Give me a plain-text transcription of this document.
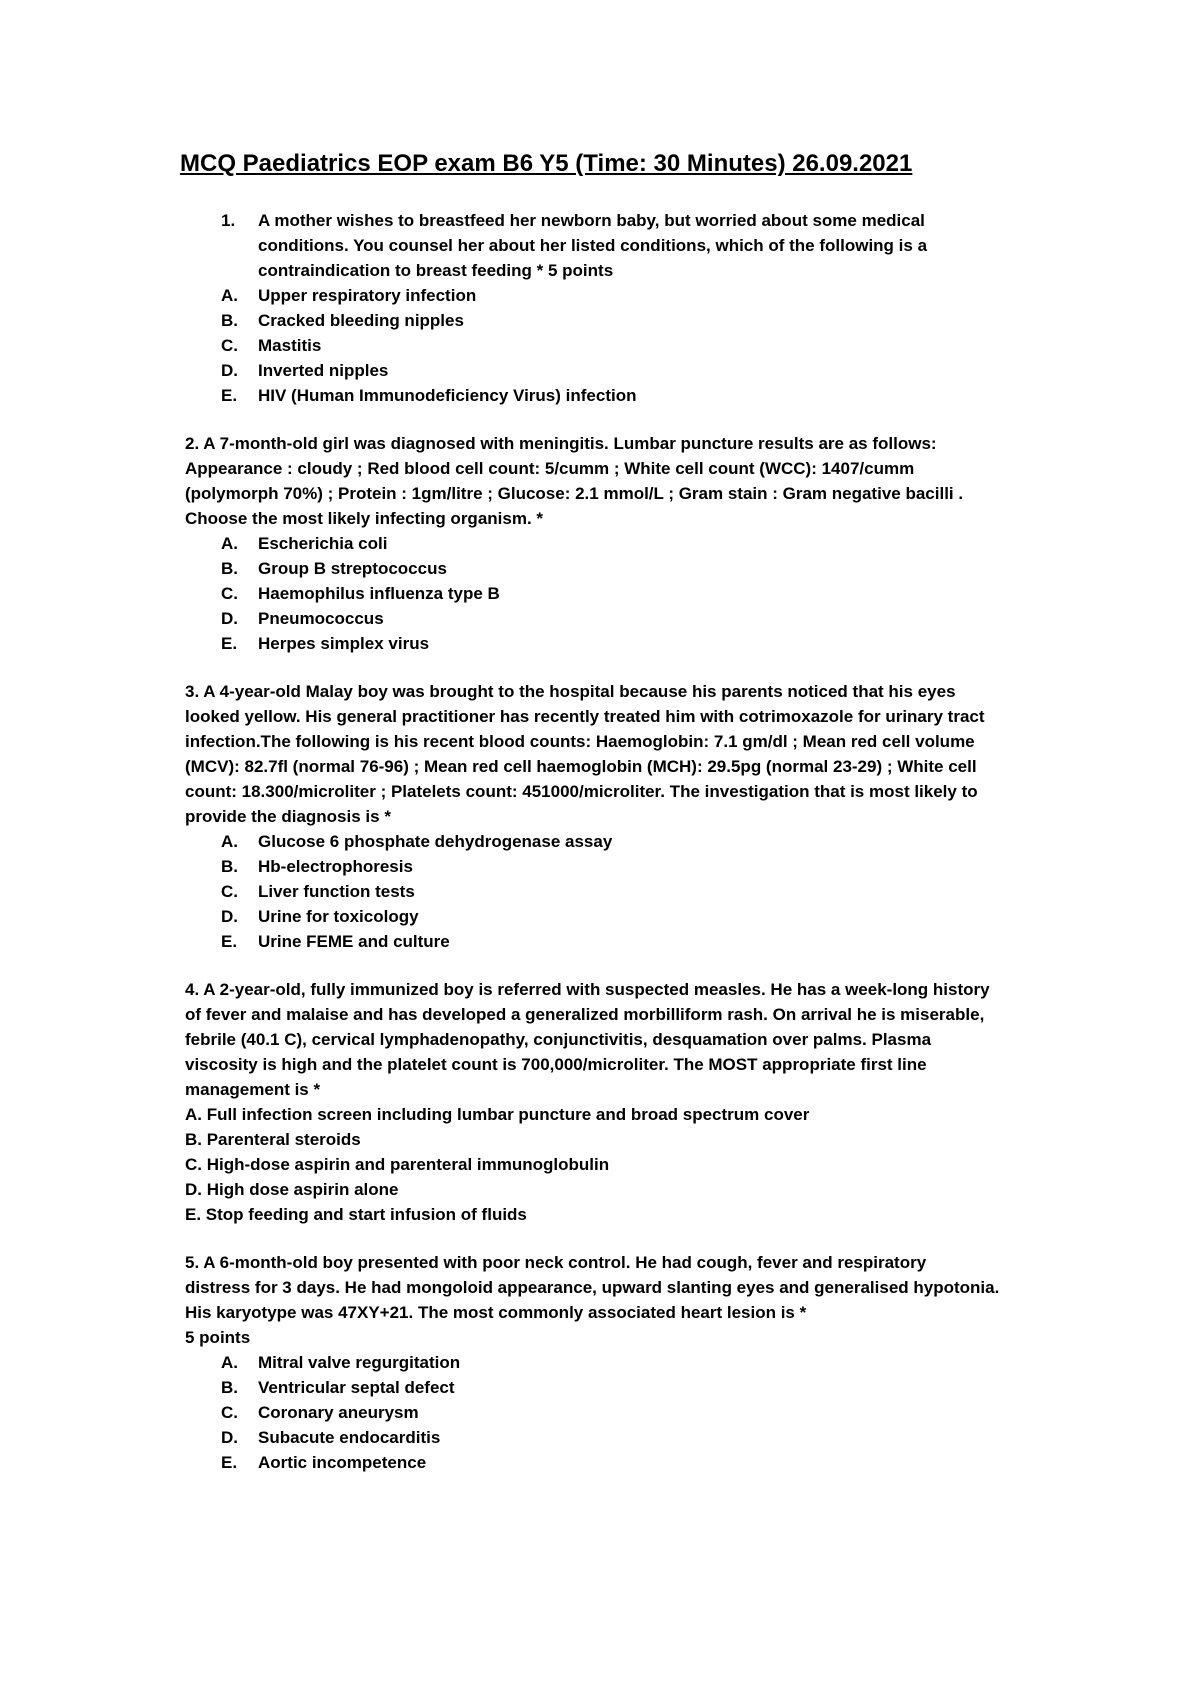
MCQ Paediatrics EOP exam B6 Y5 (Time: 30 Minutes) 26.09.2021
1. A mother wishes to breastfeed her newborn baby, but worried about some medical
conditions. You counsel her about her listed conditions, which of the following is a
contraindication to breast feeding * 5 points
A. Upper respiratory infection
B. Cracked bleeding nipples
C. Mastitis
D. Inverted nipples
E. HIV (Human Immunodeficiency Virus) infection
2. A 7-month-old girl was diagnosed with meningitis. Lumbar puncture results are as follows:
Appearance : cloudy ; Red blood cell count: 5/cumm ; White cell count (WCC): 1407/cumm
(polymorph 70%) ; Protein : 1gm/litre ; Glucose: 2.1 mmol/L ; Gram stain : Gram negative bacilli .
Choose the most likely infecting organism. *
A. Escherichia coli
B. Group B streptococcus
C. Haemophilus influenza type B
D. Pneumococcus
E. Herpes simplex virus
3. A 4-year-old Malay boy was brought to the hospital because his parents noticed that his eyes
looked yellow. His general practitioner has recently treated him with cotrimoxazole for urinary tract
infection.The following is his recent blood counts: Haemoglobin: 7.1 gm/dl ; Mean red cell volume
(MCV): 82.7fl (normal 76-96) ; Mean red cell haemoglobin (MCH): 29.5pg (normal 23-29) ; White cell
count: 18.300/microliter ; Platelets count: 451000/microliter. The investigation that is most likely to
provide the diagnosis is *
A. Glucose 6 phosphate dehydrogenase assay
B. Hb-electrophoresis
C. Liver function tests
D. Urine for toxicology
E. Urine FEME and culture
4. A 2-year-old, fully immunized boy is referred with suspected measles. He has a week-long history
of fever and malaise and has developed a generalized morbilliform rash. On arrival he is miserable,
febrile (40.1 C), cervical lymphadenopathy, conjunctivitis, desquamation over palms. Plasma
viscosity is high and the platelet count is 700,000/microliter. The MOST appropriate first line
management is *
A. Full infection screen including lumbar puncture and broad spectrum cover
B. Parenteral steroids
C. High-dose aspirin and parenteral immunoglobulin
D. High dose aspirin alone
E. Stop feeding and start infusion of fluids
5. A 6-month-old boy presented with poor neck control. He had cough, fever and respiratory
distress for 3 days. He had mongoloid appearance, upward slanting eyes and generalised hypotonia.
His karyotype was 47XY+21. The most commonly associated heart lesion is *
5 points
A. Mitral valve regurgitation
B. Ventricular septal defect
C. Coronary aneurysm
D. Subacute endocarditis
E. Aortic incompetence
